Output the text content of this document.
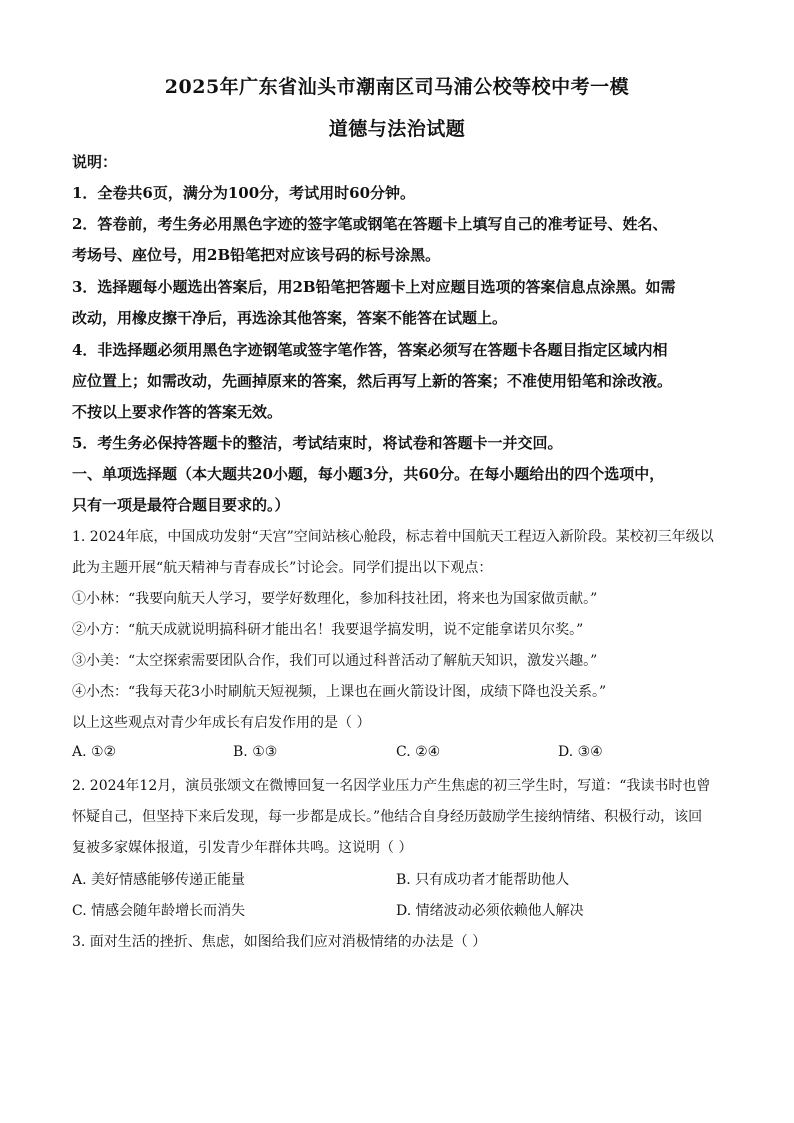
2025年广东省汕头市潮南区司马浦公校等校中考一模
道德与法治试题
说明：
1．全卷共6页，满分为100分，考试用时60分钟。
2．答卷前，考生务必用黑色字迹的签字笔或钢笔在答题卡上填写自己的准考证号、姓名、
考场号、座位号，用2B铅笔把对应该号码的标号涂黑。
3．选择题每小题选出答案后，用2B铅笔把答题卡上对应题目选项的答案信息点涂黑。如需
改动，用橡皮擦干净后，再选涂其他答案，答案不能答在试题上。
4．非选择题必须用黑色字迹钢笔或签字笔作答，答案必须写在答题卡各题目指定区域内相
应位置上；如需改动，先画掉原来的答案，然后再写上新的答案；不准使用铅笔和涂改液。
不按以上要求作答的答案无效。
5．考生务必保持答题卡的整洁，考试结束时，将试卷和答题卡一并交回。
一、单项选择题（本大题共20小题，每小题3分，共60分。在每小题给出的四个选项中，
只有一项是最符合题目要求的。）
1. 2024年底，中国成功发射“天宫”空间站核心舱段，标志着中国航天工程迈入新阶段。某校初三年级以
此为主题开展“航天精神与青春成长”讨论会。同学们提出以下观点：
①小林：“我要向航天人学习，要学好数理化，参加科技社团，将来也为国家做贡献。”
②小方：“航天成就说明搞科研才能出名！我要退学搞发明，说不定能拿诺贝尔奖。”
③小美：“太空探索需要团队合作，我们可以通过科普活动了解航天知识，激发兴趣。”
④小杰：“我每天花3小时刷航天短视频，上课也在画火箭设计图，成绩下降也没关系。”
以上这些观点对青少年成长有启发作用的是（ ）
A. ①②	B. ①③	C. ②④	D. ③④
2. 2024年12月，演员张颂文在微博回复一名因学业压力产生焦虑的初三学生时，写道：“我读书时也曾
怀疑自己，但坚持下来后发现，每一步都是成长。”他结合自身经历鼓励学生接纳情绪、积极行动，该回
复被多家媒体报道，引发青少年群体共鸣。这说明（ ）
A. 美好情感能够传递正能量	B. 只有成功者才能帮助他人
C. 情感会随年龄增长而消失	D. 情绪波动必须依赖他人解决
3. 面对生活的挫折、焦虑，如图给我们应对消极情绪的办法是（ ）
